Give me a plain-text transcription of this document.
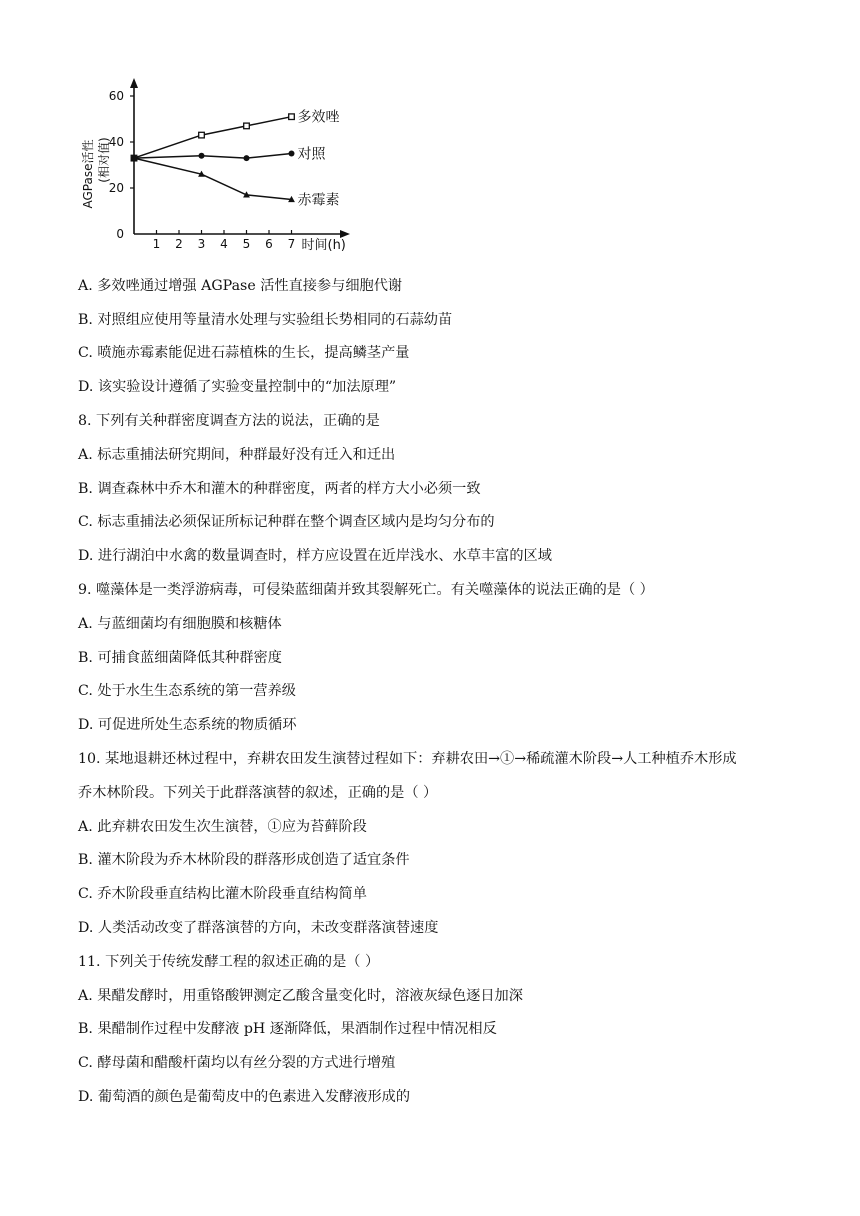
0
20
40
60
1 2 3 4 5 6 7 时间(h)
AGPase活性 (相对值)
多效唑
对照
赤霉素
A. 多效唑通过增强 AGPase 活性直接参与细胞代谢
B. 对照组应使用等量清水处理与实验组长势相同的石蒜幼苗
C. 喷施赤霉素能促进石蒜植株的生长，提高鳞茎产量
D. 该实验设计遵循了实验变量控制中的“加法原理”
8. 下列有关种群密度调查方法的说法，正确的是
A. 标志重捕法研究期间，种群最好没有迁入和迁出
B. 调查森林中乔木和灌木的种群密度，两者的样方大小必须一致
C. 标志重捕法必须保证所标记种群在整个调查区域内是均匀分布的
D. 进行湖泊中水禽的数量调查时，样方应设置在近岸浅水、水草丰富的区域
9. 噬藻体是一类浮游病毒，可侵染蓝细菌并致其裂解死亡。有关噬藻体的说法正确的是（ ）
A. 与蓝细菌均有细胞膜和核糖体
B. 可捕食蓝细菌降低其种群密度
C. 处于水生生态系统的第一营养级
D. 可促进所处生态系统的物质循环
10. 某地退耕还林过程中，弃耕农田发生演替过程如下：弃耕农田→①→稀疏灌木阶段→人工种植乔木形成
乔木林阶段。下列关于此群落演替的叙述，正确的是（ ）
A. 此弃耕农田发生次生演替，①应为苔藓阶段
B. 灌木阶段为乔木林阶段的群落形成创造了适宜条件
C. 乔木阶段垂直结构比灌木阶段垂直结构简单
D. 人类活动改变了群落演替的方向，未改变群落演替速度
11. 下列关于传统发酵工程的叙述正确的是（ ）
A. 果醋发酵时，用重铬酸钾测定乙酸含量变化时，溶液灰绿色逐日加深
B. 果醋制作过程中发酵液 pH 逐渐降低，果酒制作过程中情况相反
C. 酵母菌和醋酸杆菌均以有丝分裂的方式进行增殖
D. 葡萄酒的颜色是葡萄皮中的色素进入发酵液形成的
